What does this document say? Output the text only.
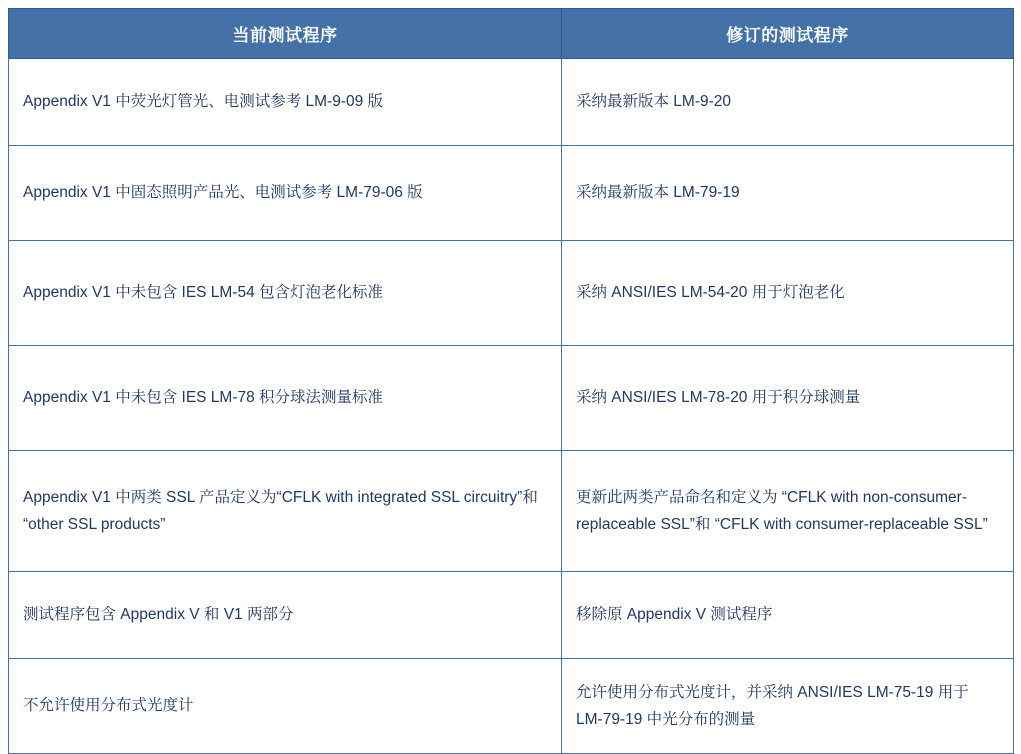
当前测试程序	修订的测试程序
Appendix V1 中荧光灯管光、电测试参考 LM-9-09 版	采纳最新版本 LM-9-20
Appendix V1 中固态照明产品光、电测试参考 LM-79-06 版	采纳最新版本 LM-79-19
Appendix V1 中未包含 IES LM-54 包含灯泡老化标准	采纳 ANSI/IES LM-54-20 用于灯泡老化
Appendix V1 中未包含 IES LM-78 积分球法测量标准	采纳 ANSI/IES LM-78-20 用于积分球测量
Appendix V1 中两类 SSL 产品定义为“CFLK with integrated SSL circuitry”和 “other SSL products”	更新此两类产品命名和定义为 “CFLK with non-consumer-replaceable SSL”和 “CFLK with consumer-replaceable SSL”
测试程序包含 Appendix V 和 V1 两部分	移除原 Appendix V 测试程序
不允许使用分布式光度计	允许使用分布式光度计，并采纳 ANSI/IES LM-75-19 用于 LM-79-19 中光分布的测量
